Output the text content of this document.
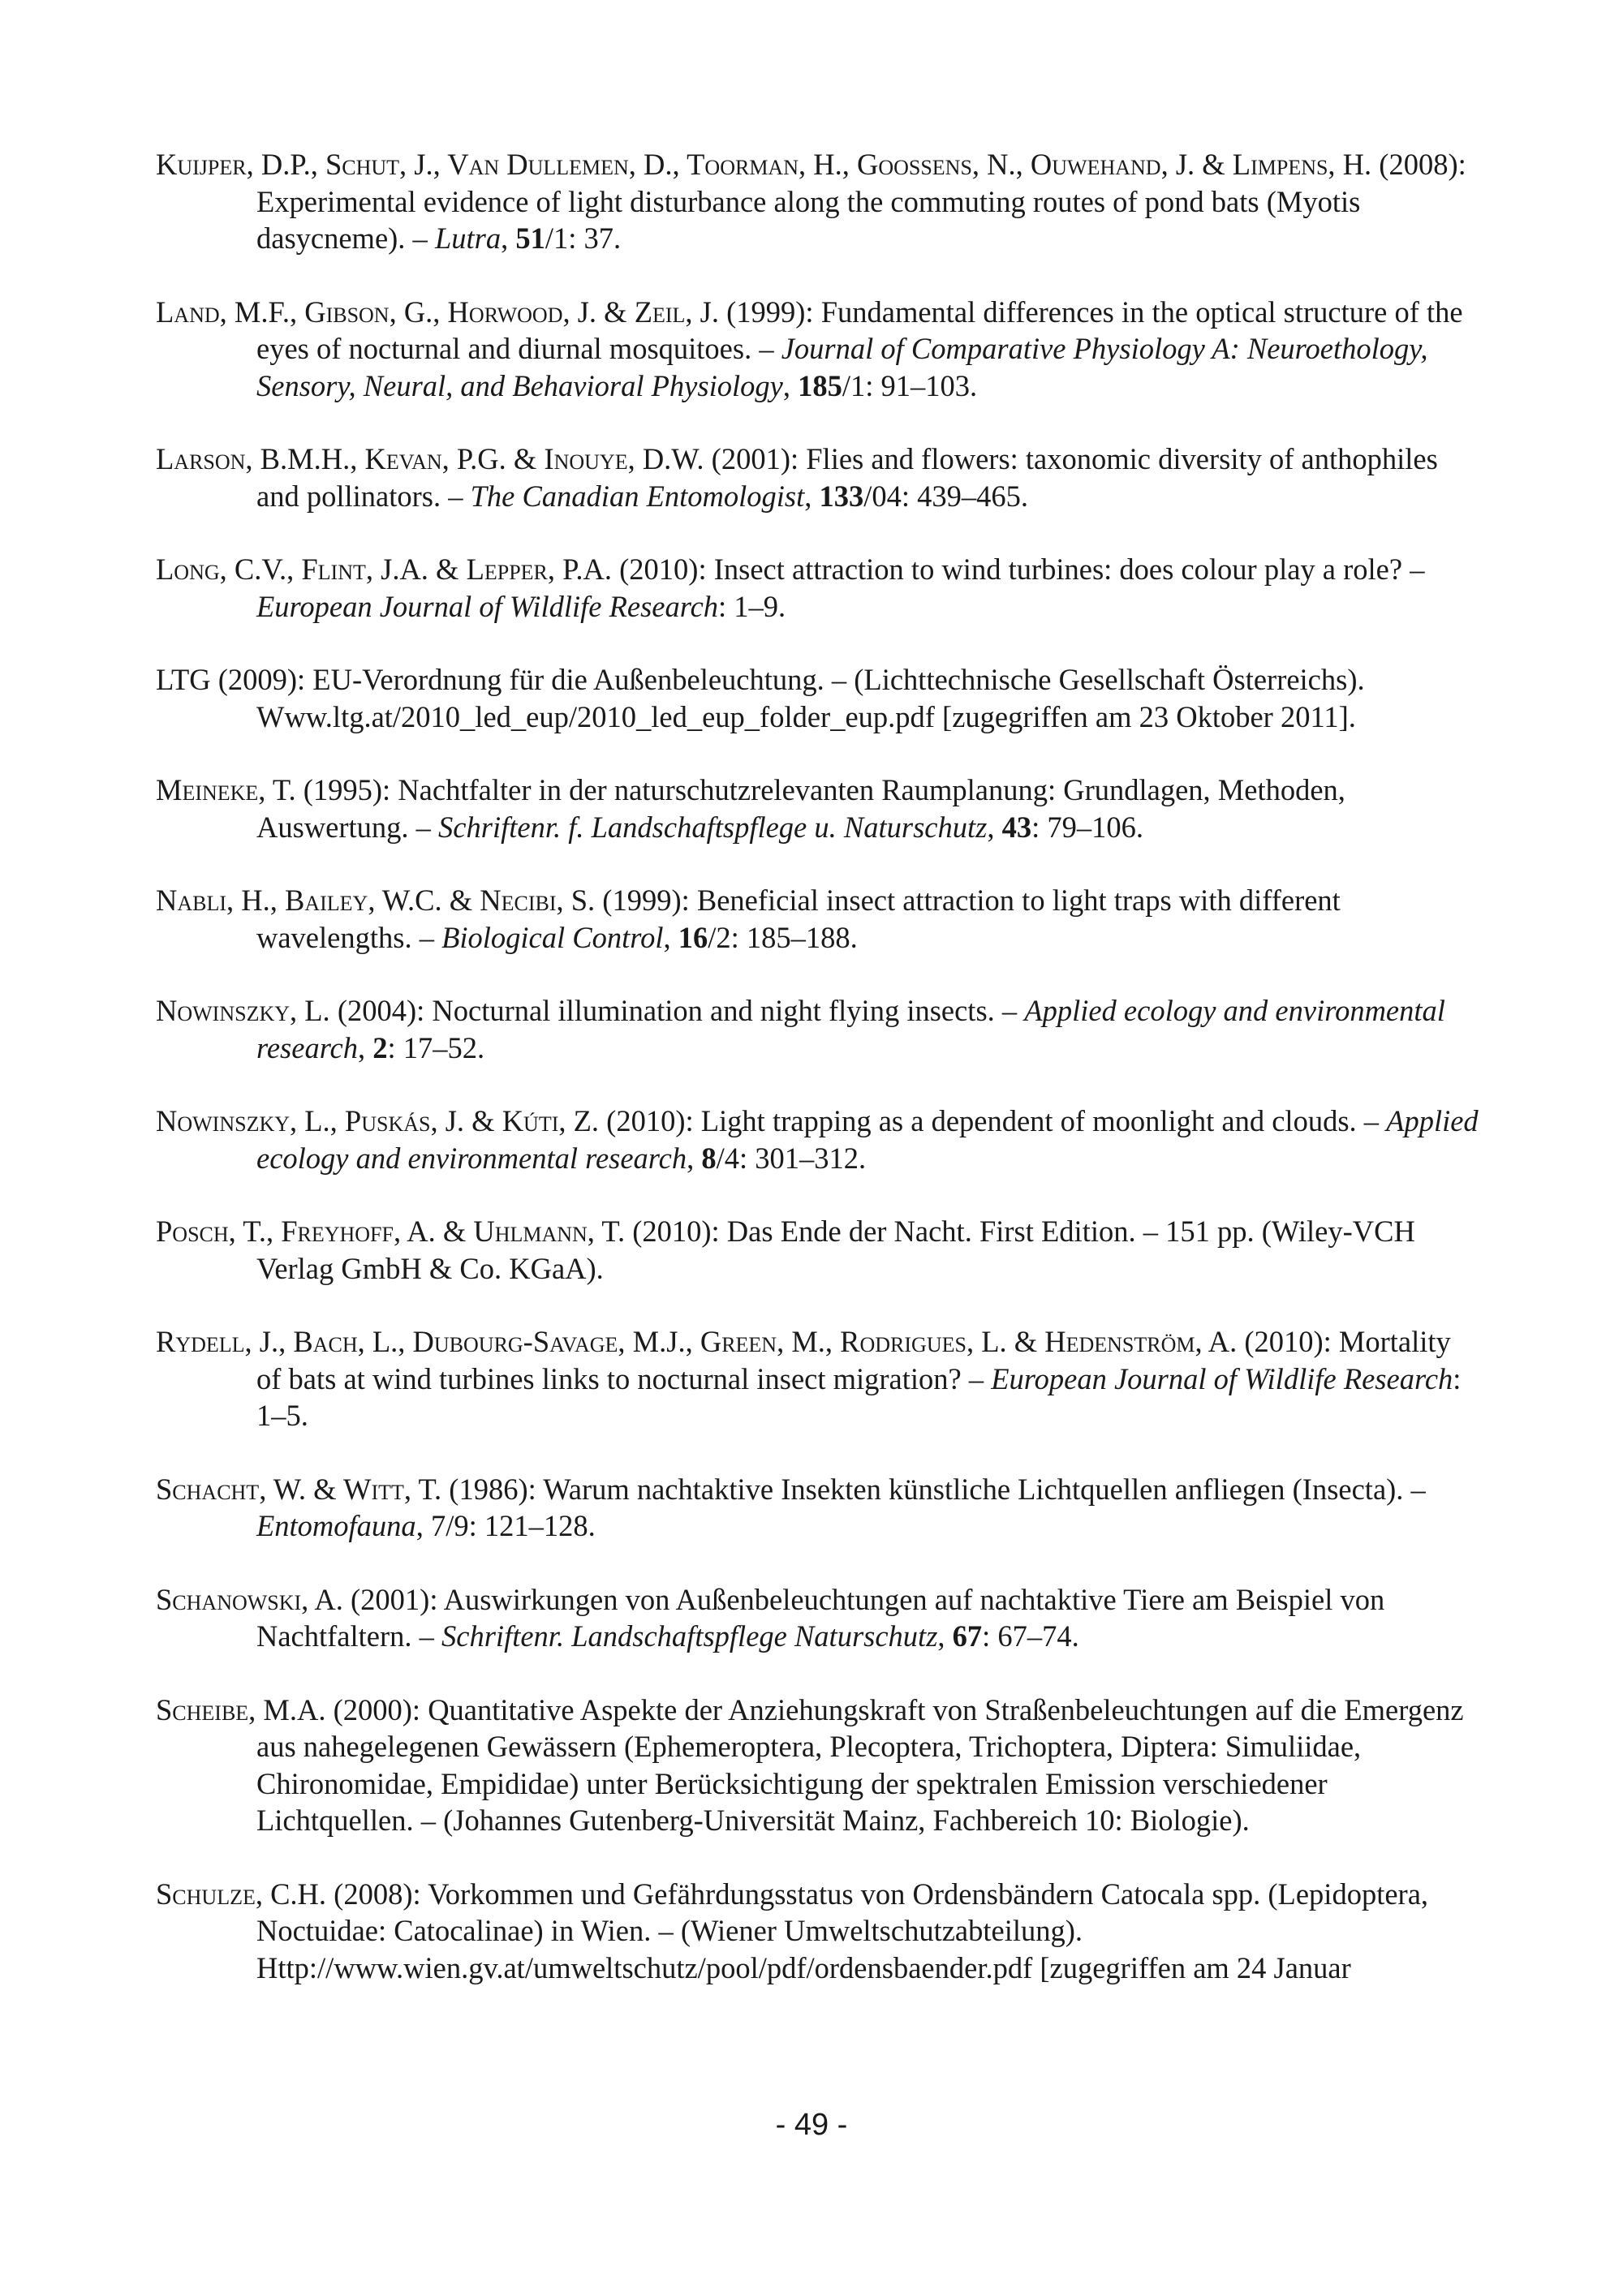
Kuijper, D.P., Schut, J., Van Dullemen, D., Toorman, H., Goossens, N., Ouwehand, J. & Limpens, H. (2008): Experimental evidence of light disturbance along the commuting routes of pond bats (Myotis dasycneme). – Lutra, 51/1: 37.

Land, M.F., Gibson, G., Horwood, J. & Zeil, J. (1999): Fundamental differences in the optical structure of the eyes of nocturnal and diurnal mosquitoes. – Journal of Comparative Physiology A: Neuroethology, Sensory, Neural, and Behavioral Physiology, 185/1: 91–103.

Larson, B.M.H., Kevan, P.G. & Inouye, D.W. (2001): Flies and flowers: taxonomic diversity of anthophiles and pollinators. – The Canadian Entomologist, 133/04: 439–465.

Long, C.V., Flint, J.A. & Lepper, P.A. (2010): Insect attraction to wind turbines: does colour play a role? – European Journal of Wildlife Research: 1–9.

LTG (2009): EU-Verordnung für die Außenbeleuchtung. – (Lichttechnische Gesellschaft Österreichs). Www.ltg.at/2010_led_eup/2010_led_eup_folder_eup.pdf [zugegriffen am 23 Oktober 2011].

Meineke, T. (1995): Nachtfalter in der naturschutzrelevanten Raumplanung: Grundlagen, Methoden, Auswertung. – Schriftenr. f. Landschaftspflege u. Naturschutz, 43: 79–106.

Nabli, H., Bailey, W.C. & Necibi, S. (1999): Beneficial insect attraction to light traps with different wavelengths. – Biological Control, 16/2: 185–188.

Nowinszky, L. (2004): Nocturnal illumination and night flying insects. – Applied ecology and environmental research, 2: 17–52.

Nowinszky, L., Puskás, J. & Kúti, Z. (2010): Light trapping as a dependent of moonlight and clouds. – Applied ecology and environmental research, 8/4: 301–312.

Posch, T., Freyhoff, A. & Uhlmann, T. (2010): Das Ende der Nacht. First Edition. – 151 pp. (Wiley-VCH Verlag GmbH & Co. KGaA).

Rydell, J., Bach, L., Dubourg-Savage, M.J., Green, M., Rodrigues, L. & Hedenström, A. (2010): Mortality of bats at wind turbines links to nocturnal insect migration? – European Journal of Wildlife Research: 1–5.

Schacht, W. & Witt, T. (1986): Warum nachtaktive Insekten künstliche Lichtquellen anfliegen (Insecta). – Entomofauna, 7/9: 121–128.

Schanowski, A. (2001): Auswirkungen von Außenbeleuchtungen auf nachtaktive Tiere am Beispiel von Nachtfaltern. – Schriftenr. Landschaftspflege Naturschutz, 67: 67–74.

Scheibe, M.A. (2000): Quantitative Aspekte der Anziehungskraft von Straßenbeleuchtungen auf die Emergenz aus nahegelegenen Gewässern (Ephemeroptera, Plecoptera, Trichoptera, Diptera: Simuliidae, Chironomidae, Empididae) unter Berücksichtigung der spektralen Emission verschiedener Lichtquellen. – (Johannes Gutenberg-Universität Mainz, Fachbereich 10: Biologie).

Schulze, C.H. (2008): Vorkommen und Gefährdungsstatus von Ordensbändern Catocala spp. (Lepidoptera, Noctuidae: Catocalinae) in Wien. – (Wiener Umweltschutzabteilung). Http://www.wien.gv.at/umweltschutz/pool/pdf/ordensbaender.pdf [zugegriffen am 24 Januar

- 49 -
